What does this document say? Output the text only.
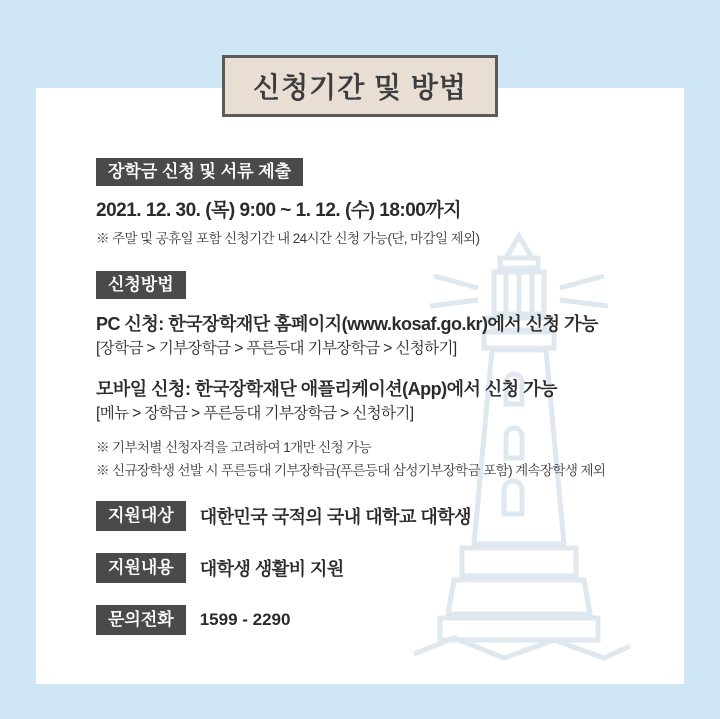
장학금 신청 및 서류 제출
2021. 12. 30. (목) 9:00 ~ 1. 12. (수) 18:00까지
※ 주말 및 공휴일 포함 신청기간 내 24시간 신청 가능(단, 마감일 제외)
신청방법
PC 신청: 한국장학재단 홈페이지(www.kosaf.go.kr)에서 신청 가능
[장학금 > 기부장학금 > 푸른등대 기부장학금 > 신청하기]
모바일 신청: 한국장학재단 애플리케이션(App)에서 신청 가능
[메뉴 > 장학금 > 푸른등대 기부장학금 > 신청하기]
※ 기부처별 신청자격을 고려하여 1개만 신청 가능
※ 신규장학생 선발 시 푸른등대 기부장학금(푸른등대 삼성기부장학금 포함) 계속장학생 제외
지원대상	대한민국 국적의 국내 대학교 대학생
지원내용	대학생 생활비 지원
문의전화	1599 - 2290
신청기간 및 방법
